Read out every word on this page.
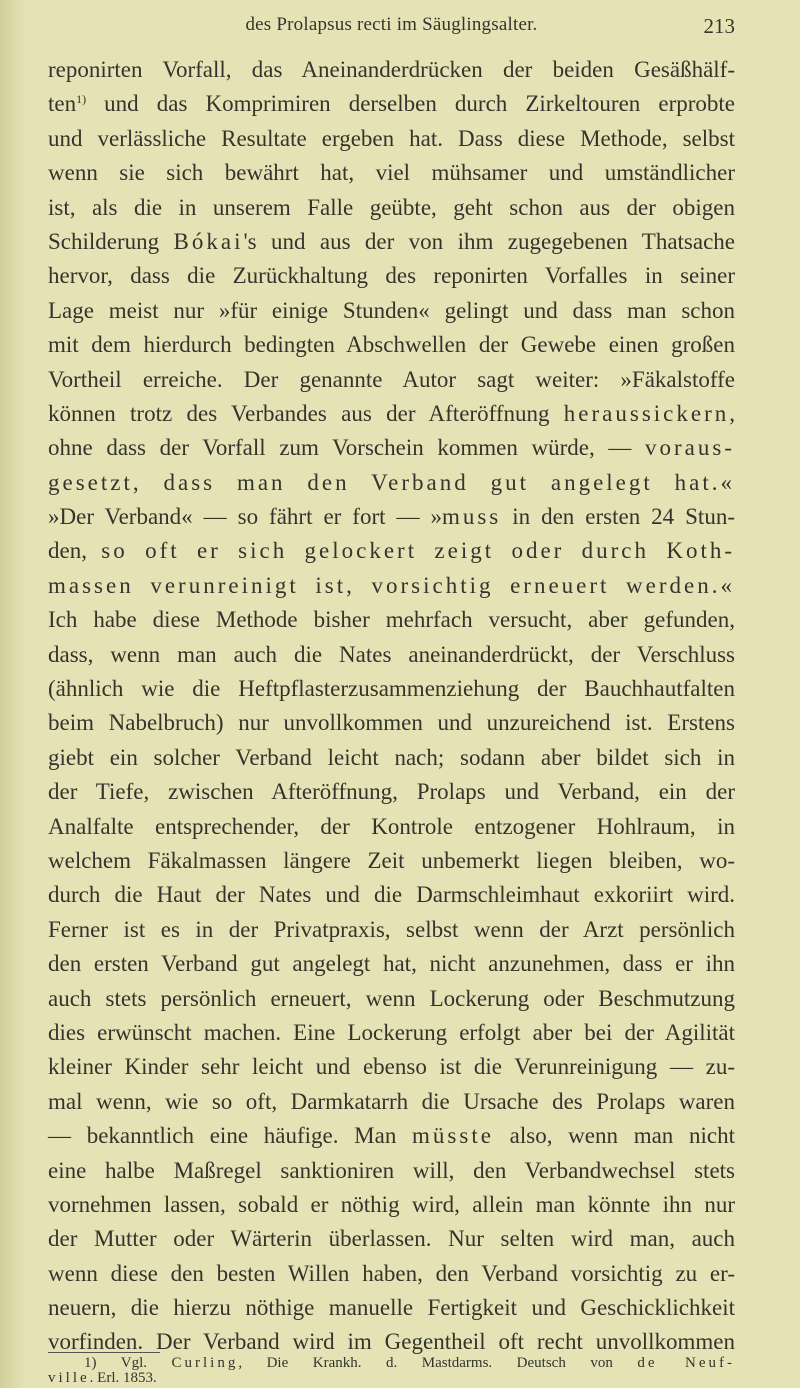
des Prolapsus recti im Säuglingsalter.	213
reponirten Vorfall, das Aneinanderdrücken der beiden Gesäßhälf-
ten$^{1)}$ und das Komprimiren derselben durch Zirkeltouren erprobte
und verlässliche Resultate ergeben hat. Dass diese Methode, selbst
wenn sie sich bewährt hat, viel mühsamer und umständlicher
ist, als die in unserem Falle geübte, geht schon aus der obigen
Schilderung Bókai's und aus der von ihm zugegebenen Thatsache
hervor, dass die Zurückhaltung des reponirten Vorfalles in seiner
Lage meist nur »für einige Stunden« gelingt und dass man schon
mit dem hierdurch bedingten Abschwellen der Gewebe einen großen
Vortheil erreiche. Der genannte Autor sagt weiter: »Fäkalstoffe
können trotz des Verbandes aus der Afteröffnung heraussickern,
ohne dass der Vorfall zum Vorschein kommen würde, — voraus-
gesetzt, dass man den Verband gut angelegt hat.«
»Der Verband« — so fährt er fort — »muss in den ersten 24 Stun-
den, so oft er sich gelockert zeigt oder durch Koth-
massen verunreinigt ist, vorsichtig erneuert werden.«
Ich habe diese Methode bisher mehrfach versucht, aber gefunden,
dass, wenn man auch die Nates aneinanderdrückt, der Verschluss
(ähnlich wie die Heftpflasterzusammenziehung der Bauchhautfalten
beim Nabelbruch) nur unvollkommen und unzureichend ist. Erstens
giebt ein solcher Verband leicht nach; sodann aber bildet sich in
der Tiefe, zwischen Afteröffnung, Prolaps und Verband, ein der
Analfalte entsprechender, der Kontrole entzogener Hohlraum, in
welchem Fäkalmassen längere Zeit unbemerkt liegen bleiben, wo-
durch die Haut der Nates und die Darmschleimhaut exkoriirt wird.
Ferner ist es in der Privatpraxis, selbst wenn der Arzt persönlich
den ersten Verband gut angelegt hat, nicht anzunehmen, dass er ihn
auch stets persönlich erneuert, wenn Lockerung oder Beschmutzung
dies erwünscht machen. Eine Lockerung erfolgt aber bei der Agilität
kleiner Kinder sehr leicht und ebenso ist die Verunreinigung — zu-
mal wenn, wie so oft, Darmkatarrh die Ursache des Prolaps waren
— bekanntlich eine häufige. Man müsste also, wenn man nicht
eine halbe Maßregel sanktioniren will, den Verbandwechsel stets
vornehmen lassen, sobald er nöthig wird, allein man könnte ihn nur
der Mutter oder Wärterin überlassen. Nur selten wird man, auch
wenn diese den besten Willen haben, den Verband vorsichtig zu er-
neuern, die hierzu nöthige manuelle Fertigkeit und Geschicklichkeit
vorfinden. Der Verband wird im Gegentheil oft recht unvollkommen
1) Vgl. Curling, Die Krankh. d. Mastdarms. Deutsch von de Neuf-
ville. Erl. 1853.
